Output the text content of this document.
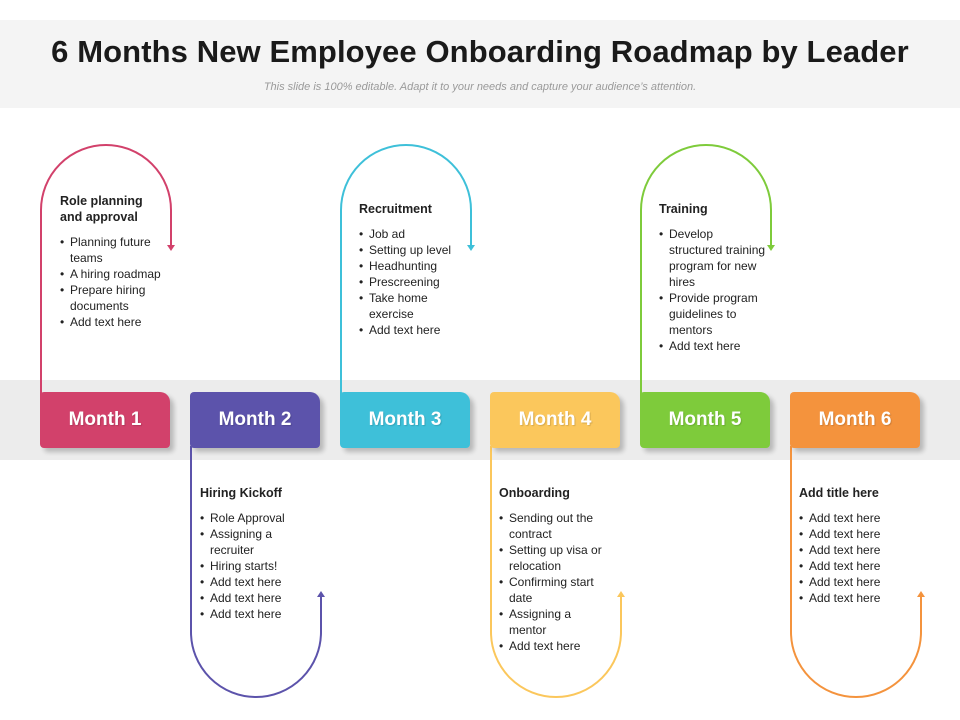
6 Months New Employee Onboarding Roadmap by Leader
This slide is 100% editable. Adapt it to your needs and capture your audience’s attention.
Month 1	Month 2	Month 3	Month 4	Month 5	Month 6
Role planning and approval
• Planning future teams
• A hiring roadmap
• Prepare hiring documents
• Add text here
Hiring Kickoff
• Role Approval
• Assigning a recruiter
• Hiring starts!
• Add text here
• Add text here
• Add text here
Recruitment
• Job ad
• Setting up level
• Headhunting
• Prescreening
• Take home exercise
• Add text here
Onboarding
• Sending out the contract
• Setting up visa or relocation
• Confirming start date
• Assigning a mentor
• Add text here
Training
• Develop structured training program for new hires
• Provide program guidelines to mentors
• Add text here
Add title here
• Add text here
• Add text here
• Add text here
• Add text here
• Add text here
• Add text here
